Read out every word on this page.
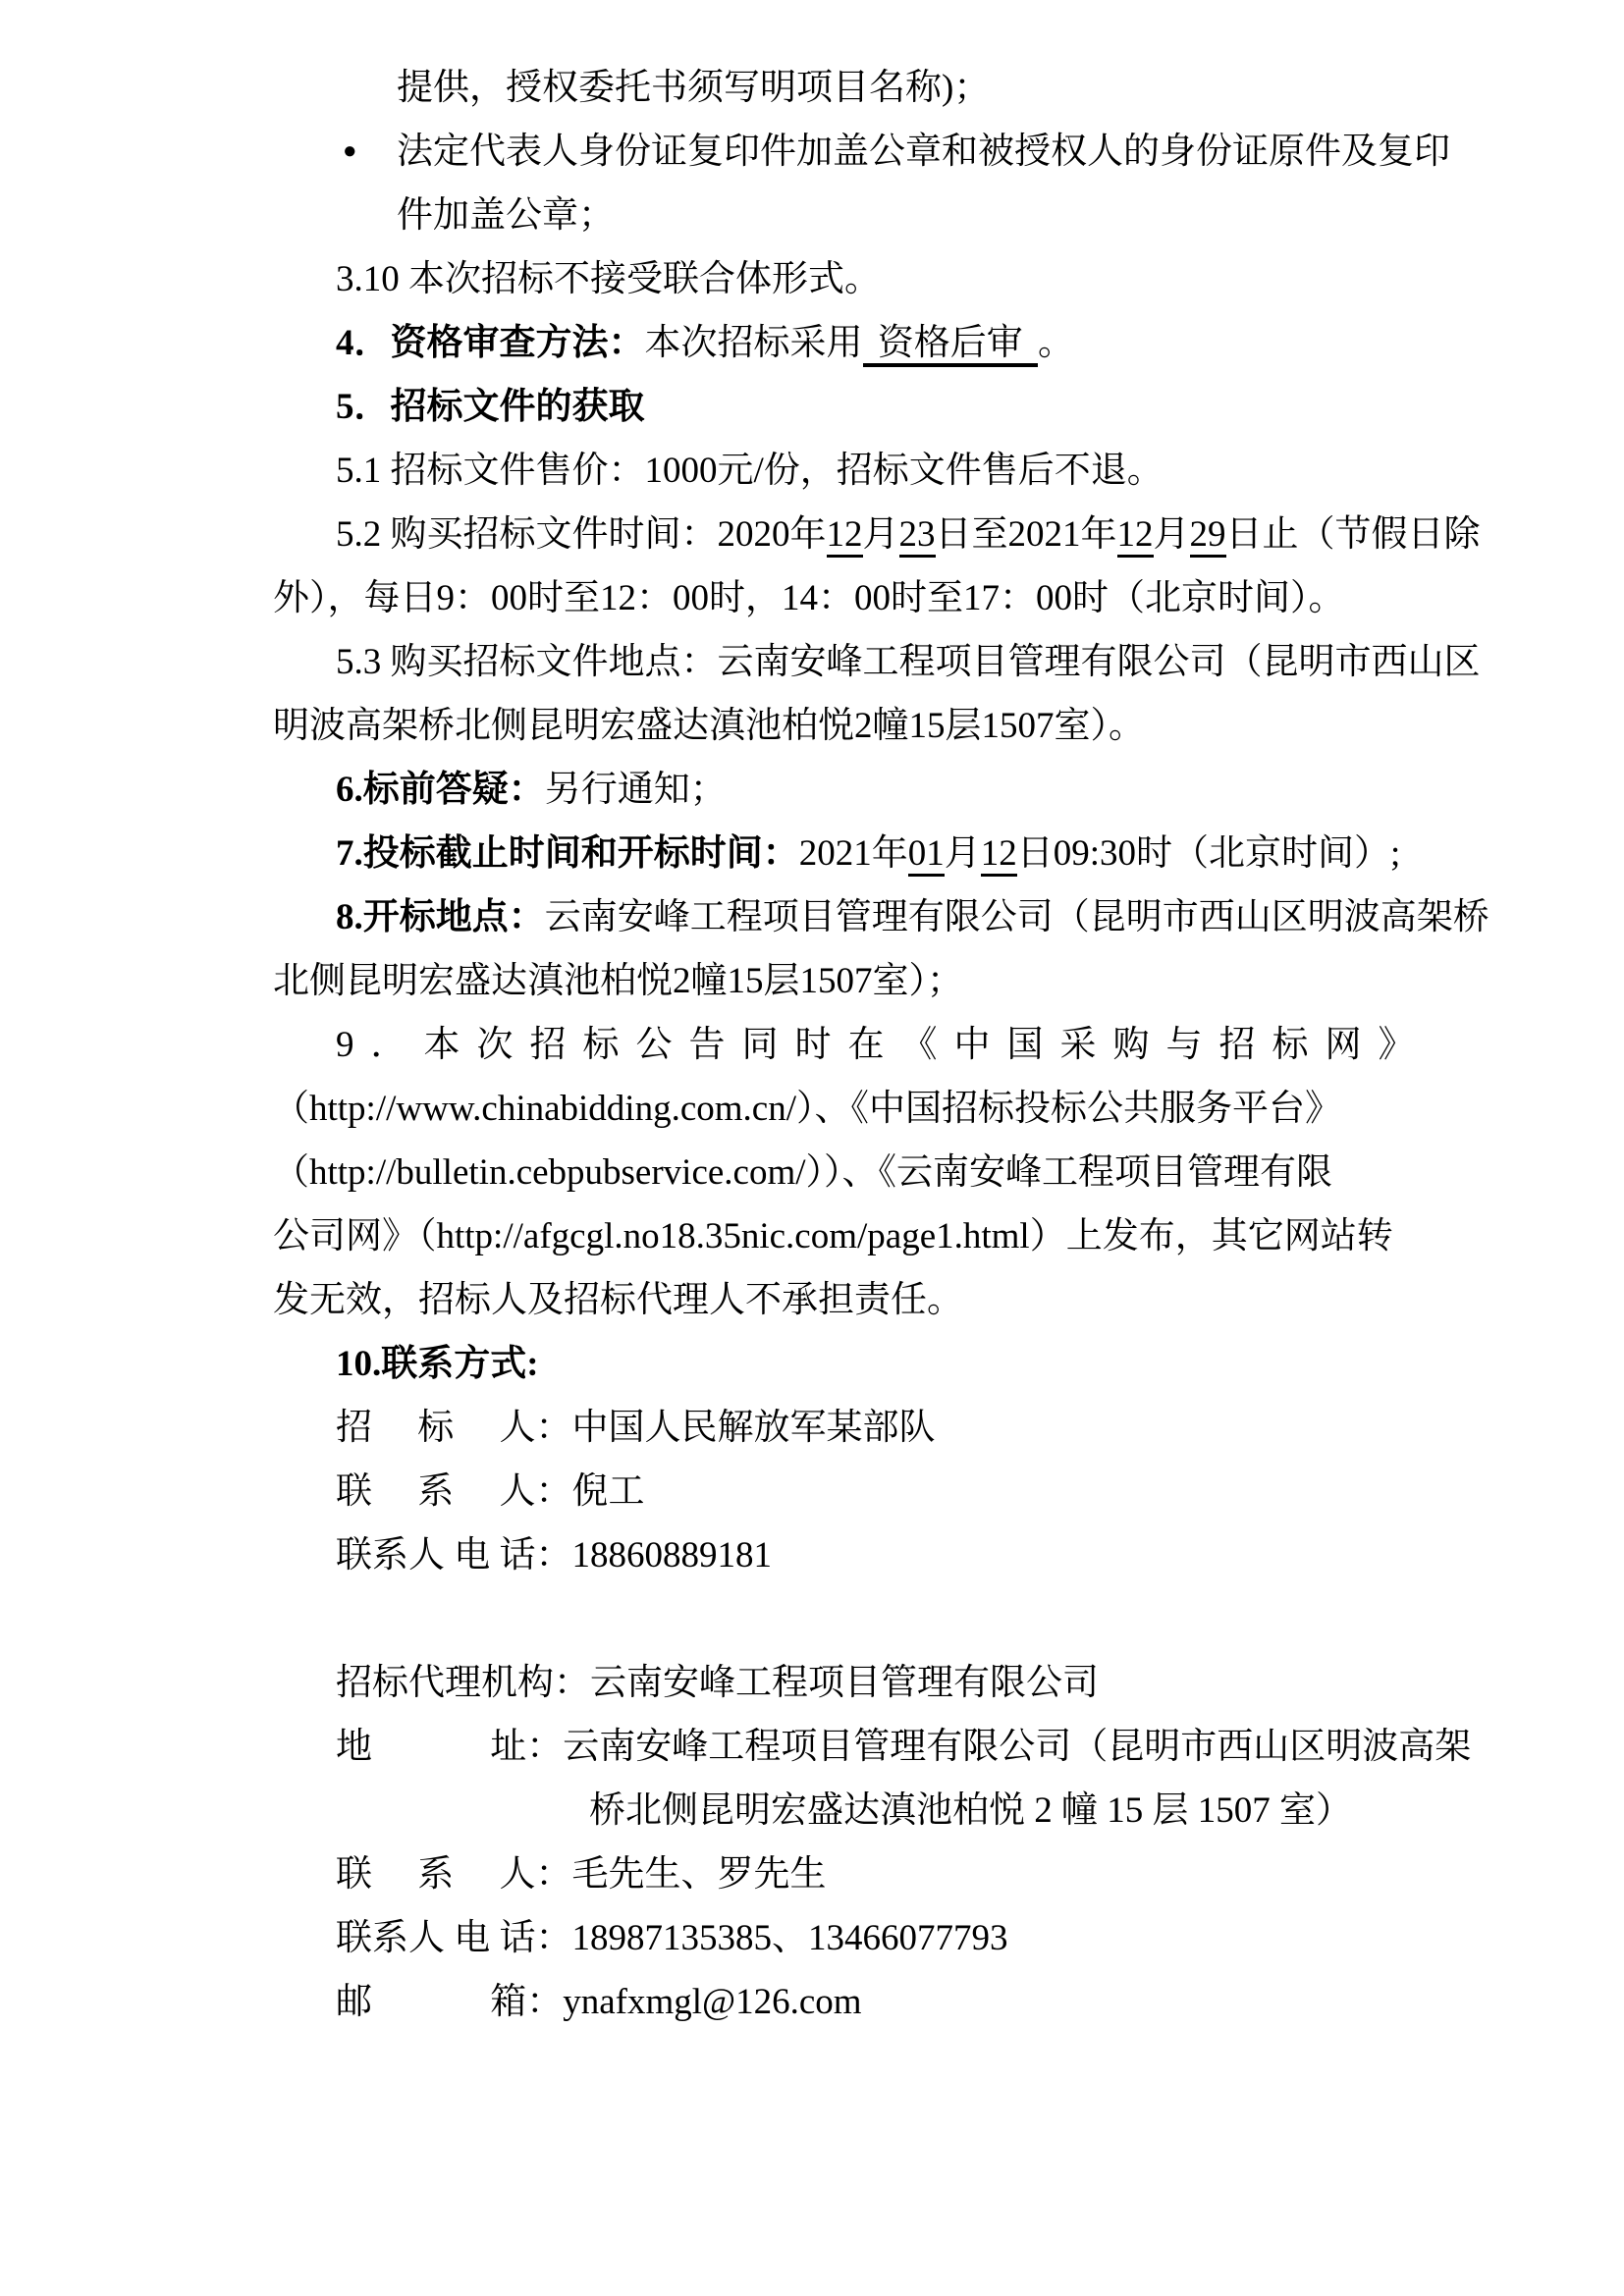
提供，授权委托书须写明项目名称)；
● 法定代表人身份证复印件加盖公章和被授权人的身份证原件及复印
件加盖公章；
3.10 本次招标不接受联合体形式。
4．资格审查方法：本次招标采用 资格后审 。
5．招标文件的获取
5.1 招标文件售价：1000元/份，招标文件售后不退。
5.2 购买招标文件时间：2020年12月23日至2021年12月29日止（节假日除
外），每日9：00时至12：00时，14：00时至17：00时（北京时间）。
5.3 购买招标文件地点：云南安峰工程项目管理有限公司（昆明市西山区
明波高架桥北侧昆明宏盛达滇池柏悦2幢15层1507室）。
6.标前答疑：另行通知；
7.投标截止时间和开标时间：2021年01月12日09:30时（北京时间）;
8.开标地点：云南安峰工程项目管理有限公司（昆明市西山区明波高架桥
北侧昆明宏盛达滇池柏悦2幢15层1507室）；
9．本次招标公告同时在《中国采购与招标网》
（http://www.chinabidding.com.cn/）、《中国招标投标公共服务平台》
（http://bulletin.cebpubservice.com/））、《云南安峰工程项目管理有限
公司网》（http://afgcgl.no18.35nic.com/page1.html）上发布，其它网站转
发无效，招标人及招标代理人不承担责任。
10.联系方式:
招　 标　 人：中国人民解放军某部队
联　 系　 人：倪工
联系人 电 话：18860889181
招标代理机构：云南安峰工程项目管理有限公司
地　　　 址：云南安峰工程项目管理有限公司（昆明市西山区明波高架
桥北侧昆明宏盛达滇池柏悦 2 幢 15 层 1507 室）
联　 系　 人：毛先生、罗先生
联系人 电 话：18987135385、13466077793
邮　　　 箱：ynafxmgl@126.com
